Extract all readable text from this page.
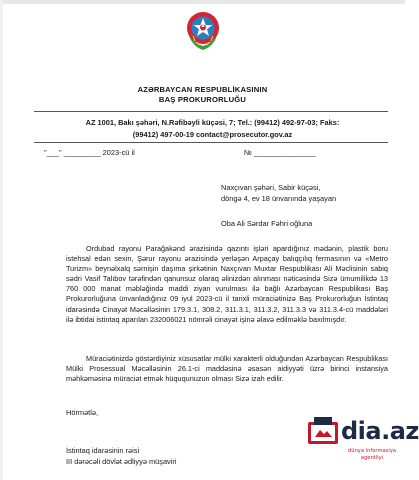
AZƏRBAYCAN RESPUBLİKASININ
BAŞ PROKURORLUĞU
AZ 1001, Bakı şəhəri, N.Rəfibəyli küçəsi, 7; Tel.: (99412) 492-97-03; Faks:
(99412) 497-00-19 contact@prosecutor.gov.az
"___" _________ 2023-cü il	№ _______________
Naxçıvan şəhəri, Sabir küçəsi,
döngə 4, ev 18 ünvanında yaşayan
Oba Ali Sərdar Fəhri oğluna
Ordubad rayonu Parağakənd ərazisində qazıntı işləri apardığınız mədənin, plastik boru istehsal edən sexin, Şərur rayonu ərazisində yerləşən Arpaçay balıqçılıq fermasının və «Metro Turizm» beynəlxalq sərnişin daşıma şirkətinin Naxçıvan Muxtar Respublikası Ali Məclisinin sabiq sədri Vasif Talıbov tərəfindən qanunsuz olaraq əlinizdən alınması nəticəsində Sizə ümumilikdə 13 760 000 manat məbləğində maddi ziyan vurulması ilə bağlı Azərbaycan Respublikası Baş Prokurorluğuna ünvanladığınız 09 iyul 2023-cü il tarixli müraciətinizə Baş Prokurorluğun İstintaq idarəsində Cinayət Məcəlləsinin 179.3.1, 308.2, 311.3.1, 311.3.2, 311.3.3 və 311.3.4-cü maddələri ilə ibtidai istintaq aparılan 232006021 nömrəli cinayət işinə əlavə edilməklə baxılmışdır.
Müraciətinizdə göstərdiyiniz xüsusatlar mülki xarakterli olduğundan Azərbaycan Respublikası Mülki Prosessual Məcəlləsinin 26.1-ci maddəsinə əsasən aidiyyəti üzrə birinci instansiya məhkəməsinə müraciət etmək hüququnuzun olması Sizə izah edilir.
Hörmətlə,
İstintaq idarəsinin rəisi
III dərəcəli dövlət ədliyyə müşaviri
dia.az
dünya informasiya
agentliyi
